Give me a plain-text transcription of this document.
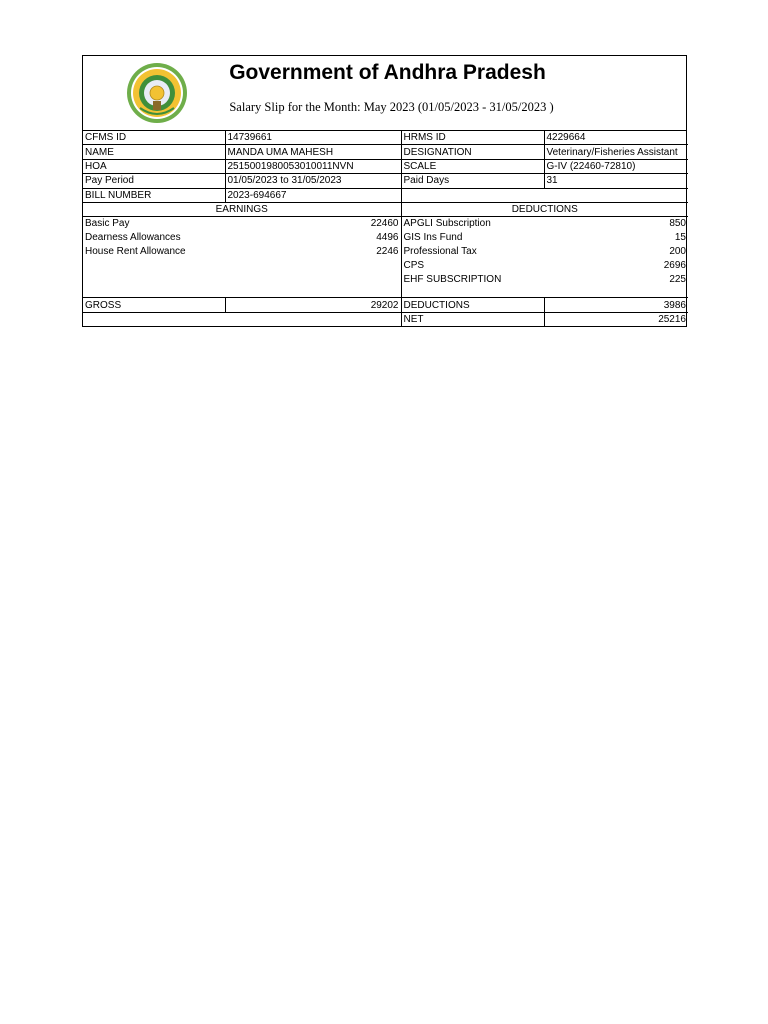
Government of Andhra Pradesh
Salary Slip for the Month: May 2023 (01/05/2023 - 31/05/2023 )
CFMS ID	14739661	HRMS ID	4229664
NAME	MANDA UMA MAHESH	DESIGNATION	Veterinary/Fisheries Assistant
HOA	2515001980053010011NVN	SCALE	G-IV (22460-72810)
Pay Period	01/05/2023 to 31/05/2023	Paid Days	31
BILL NUMBER	2023-694667		
EARNINGS		DEDUCTIONS	
Basic Pay	22460	APGLI Subscription	850
Dearness Allowances	4496	GIS Ins Fund	15
House Rent Allowance	2246	Professional Tax	200
		CPS	2696
		EHF SUBSCRIPTION	225

GROSS	29202	DEDUCTIONS	3986
		NET	25216
